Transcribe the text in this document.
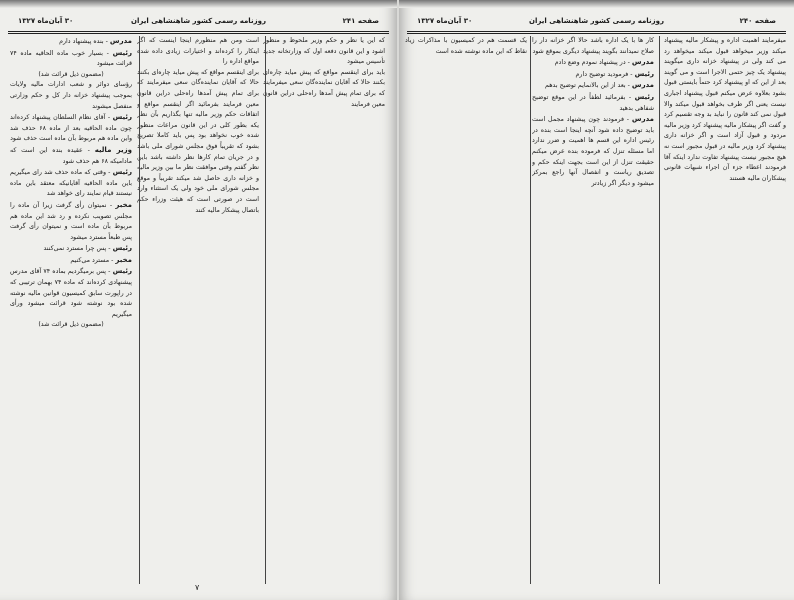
صفحه ۲۴۱
روزنامه رسمی کشور شاهنشاهی ایران
۳۰ آبان‌ماه ۱۳۲۷

که این یا نظر و حکم وزیر ملحوظ و منظور اشود و این قانون دفعه اول که وزارتخانه جدید تأسیس میشود

باید برای اینقسم مواقع که پیش میاید چاره‌ای بکنند حالا که آقایان نماینده‌گان سعی میفرمایند که برای تمام پیش آمدها راه‌حلی دراین قانون معین فرمایند

است ومن هم منظورم اینجا اینست که اگر اینکار را کرده‌اند و اختیارات زیادی داده شده مواقع اداره را

برای اینقسم مواقع که پیش میاید چاره‌ای بکنند حالا که آقایان نماینده‌گان سعی میفرمایند که برای تمام پیش آمدها راه‌حلی دراین قانون معین فرمایند بفرمائید اگر اینقسم مواقع و اتفاقات حکم وزیر مالیه تنها بگذاریم بآن نظر یکه بطور کلی در این قانون مراعات منظور شده خوب نخواهد بود پس باید کاملا تصریح بشود که تقریباً فوق مجلس شورای ملی باشد و در جریان تمام کارها نظر داشته باشد باین نظر گفتم وقتی موافقت نظر ما بین وزیر مالیه و خزانه داری حاصل شد میکند تقریباً و موقع مجلس شورای ملی خود ولی یک استثناء وارد است در صورتی است که هیئت وزراء حکم باتصال پیشکار مالیه کنند

مدرس - بنده پیشنهاد دارم

رئیس - بسیار خوب ماده الحاقیه ماده ۷۴ قرائت میشود

(مضمون ذیل قرائت شد)

رؤسای دوائر و شعب ادارات مالیه ولایات بموجب پیشنهاد خزانه دار کل و حکم وزارتی منفصل میشوند

رئیس - آقای نظام السلطان پیشنهاد کرده‌اند چون ماده الحاقیه بعد از ماده ۶۸ حذف شد واین ماده هم مربوط بآن ماده است حذف شود

وزیر مالیه - عقیده بنده این است که مادامیکه ۶۸ هم حذف شود

رئیس - وقتی که ماده حذف شد رای میگیریم باین ماده الحاقیه آقایانیکه معتقد باین ماده نیستند قیام نمایند رای خواهد شد

مخبر - نمیتوان رأی گرفت زیرا آن ماده را مجلس تصویب نکرده و رد شد این ماده هم مربوط بآن ماده است و نمیتوان رأی گرفت پس طبعاً مسترد میشود

رئیس - پس چرا مسترد نمی‌کنند

مخبر - مسترد می‌کنیم

رئیس - پس برمیگردیم بماده ۷۴ آقای مدرس پیشنهادی کرده‌اند که ماده ۷۴ بهمان ترتیبی که در راپورت سابق کمیسیون قوانین مالیه نوشته شده بود نوشته شود قرائت میشود ورأی میگیریم

(مضمون ذیل قرائت شد)

۷
صفحه ۲۴۰
روزنامه رسمی کشور شاهنشاهی ایران
۳۰ آبان‌ماه ۱۳۲۷

میفرمایند اهمیت اداره و پیشکار مالیه پیشنهاد میکند وزیر میخواهد قبول میکند میخواهد رد می کند ولی در پیشنهاد خزانه داری میگویند پیشنهاد یک چیز حتمی الاجرا است و می گویند بعد از این که او پیشنهاد کرد حتماً بایستی قبول بشود بعلاوه عرض میکنم قبول پیشنهاد اجباری نیست یعنی اگر طرف بخواهد قبول میکند والا قبول نمی کند قانون را نباید بد وجه تقسیم کرد و گفت اگر پیشکار مالیه پیشنهاد کرد وزیر مالیه مردود و قبول آزاد است و اگر خزانه داری پیشنهاد کرد وزیر مالیه در قبول مجبور است نه هیچ مجبور نیست پیشنهاد تفاوت ندارد اینکه آقا فرمودند اعطاء جزء آن اجراء شبهات قانونی پیشکاران مالیه هستند

کار ها با یک اداره باشد حالا اگر خزانه دار را صلاح نمیدانند بگویند پیشنهاد دیگری بموقع شود

مدرس - در پیشنهاد نمودم وضع دادم

رئیس - فرمودید توضیح دارم

مدرس - بعد از این بالانمایم توضیح بدهم

رئیس - بفرمائید لطفاً در این موقع توضیح شفاهی بدهید

مدرس - فرمودند چون پیشنهاد مجمل است باید توضیح داده شود آنچه اینجا است بنده در رئیس اداره این قسم ها اهمیت و ضرر ندارد اما مسئله تنزل که فرموده بنده عرض میکنم حقیقت تنزل از این است بجهت اینکه حکم و تصدیق ریاست و انفصال آنها راجع بمرکز میشود و دیگر اگر زیادتر

یک قسمت هم در کمیسیون با مذاکرات زیاد نقاط که این ماده نوشته شده است
